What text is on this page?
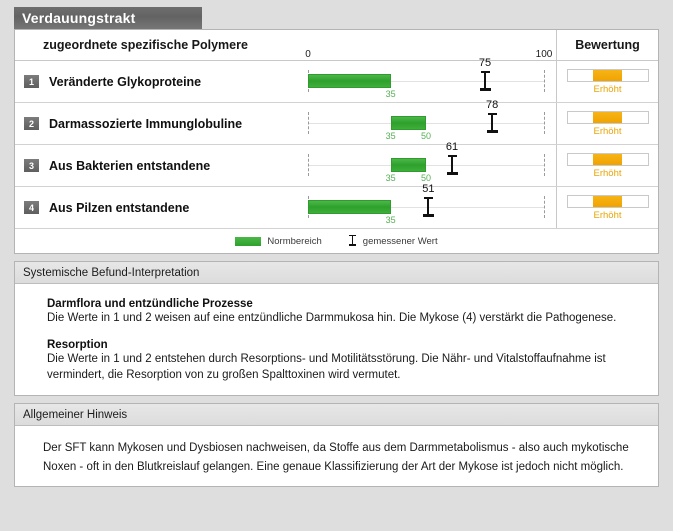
Verdauungstrakt
zugeordnete spezifische Polymere	Bewertung
1	Veränderte Glykoproteine
0	100
35
75
Erhöht
2	Darmassozierte Immunglobuline
35	50
78
Erhöht
3	Aus Bakterien entstandene
35	50
61
Erhöht
4	Aus Pilzen entstandene
35
51
Erhöht
Normbereich	gemessener Wert
Systemische Befund-Interpretation
Darmflora und entzündliche Prozesse

Die Werte in 1 und 2 weisen auf eine entzündliche Darmmukosa hin. Die Mykose (4) verstärkt die Pathogenese.

Resorption

Die Werte in 1 und 2 entstehen durch Resorptions- und Motilitätsstörung. Die Nähr- und Vitalstoffaufnahme ist vermindert, die Resorption von zu großen Spalttoxinen wird vermutet.

Allgemeiner Hinweis

Der SFT kann Mykosen und Dysbiosen nachweisen, da Stoffe aus dem Darmmetabolismus - also auch mykotische Noxen - oft in den Blutkreislauf gelangen. Eine genaue Klassifizierung der Art der Mykose ist jedoch nicht möglich.
